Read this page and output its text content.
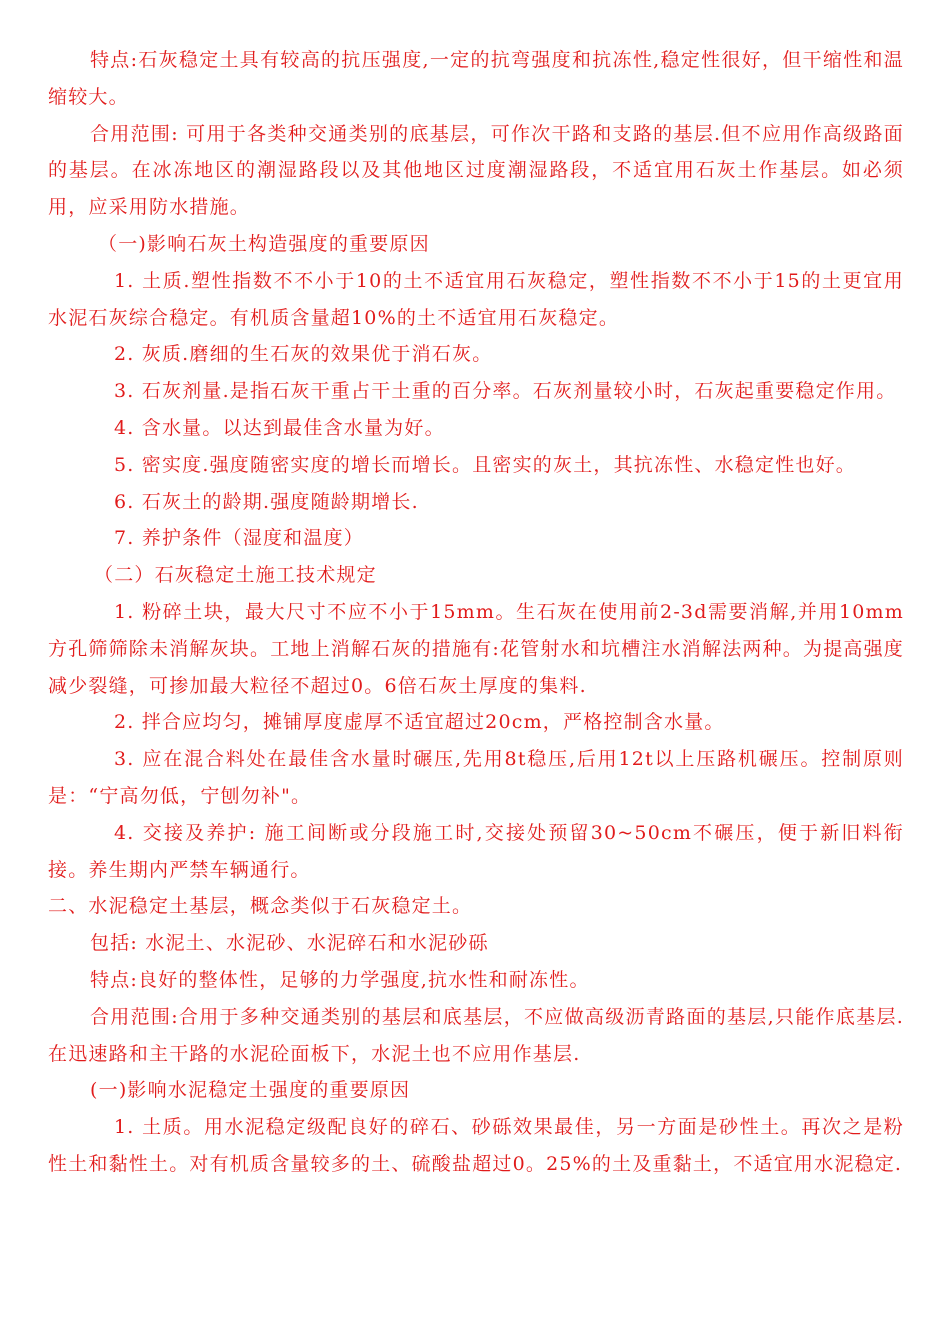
特点:石灰稳定土具有较高的抗压强度,一定的抗弯强度和抗冻性,稳定性很好，但干缩性和温缩较大。

合用范围: 可用于各类种交通类别的底基层，可作次干路和支路的基层.但不应用作高级路面的基层。在冰冻地区的潮湿路段以及其他地区过度潮湿路段，不适宜用石灰土作基层。如必须用，应采用防水措施。

（一)影响石灰土构造强度的重要原因

1. 土质.塑性指数不不小于10的土不适宜用石灰稳定，塑性指数不不小于15的土更宜用水泥石灰综合稳定。有机质含量超10%的土不适宜用石灰稳定。

2. 灰质.磨细的生石灰的效果优于消石灰。

3. 石灰剂量.是指石灰干重占干土重的百分率。石灰剂量较小时，石灰起重要稳定作用。

4. 含水量。以达到最佳含水量为好。

5. 密实度.强度随密实度的增长而增长。且密实的灰土，其抗冻性、水稳定性也好。

6. 石灰土的龄期.强度随龄期增长.

7. 养护条件（湿度和温度）

（二）石灰稳定土施工技术规定

1. 粉碎土块，最大尺寸不应不小于15mm。生石灰在使用前2-3d需要消解,并用10mm方孔筛筛除未消解灰块。工地上消解石灰的措施有:花管射水和坑槽注水消解法两种。为提高强度减少裂缝，可掺加最大粒径不超过0。6倍石灰土厚度的集料.

2. 拌合应均匀，摊铺厚度虚厚不适宜超过20cm，严格控制含水量。

3. 应在混合料处在最佳含水量时碾压,先用8t稳压,后用12t以上压路机碾压。控制原则是：“宁高勿低，宁刨勿补"。

4. 交接及养护: 施工间断或分段施工时,交接处预留30~50cm不碾压，便于新旧料衔接。养生期内严禁车辆通行。

二、水泥稳定土基层，概念类似于石灰稳定土。

包括: 水泥土、水泥砂、水泥碎石和水泥砂砾

特点:良好的整体性，足够的力学强度,抗水性和耐冻性。

合用范围:合用于多种交通类别的基层和底基层，不应做高级沥青路面的基层,只能作底基层.在迅速路和主干路的水泥砼面板下，水泥土也不应用作基层.

(一)影响水泥稳定土强度的重要原因

1. 土质。用水泥稳定级配良好的碎石、砂砾效果最佳，另一方面是砂性土。再次之是粉性土和黏性土。对有机质含量较多的土、硫酸盐超过0。25%的土及重黏土，不适宜用水泥稳定.
